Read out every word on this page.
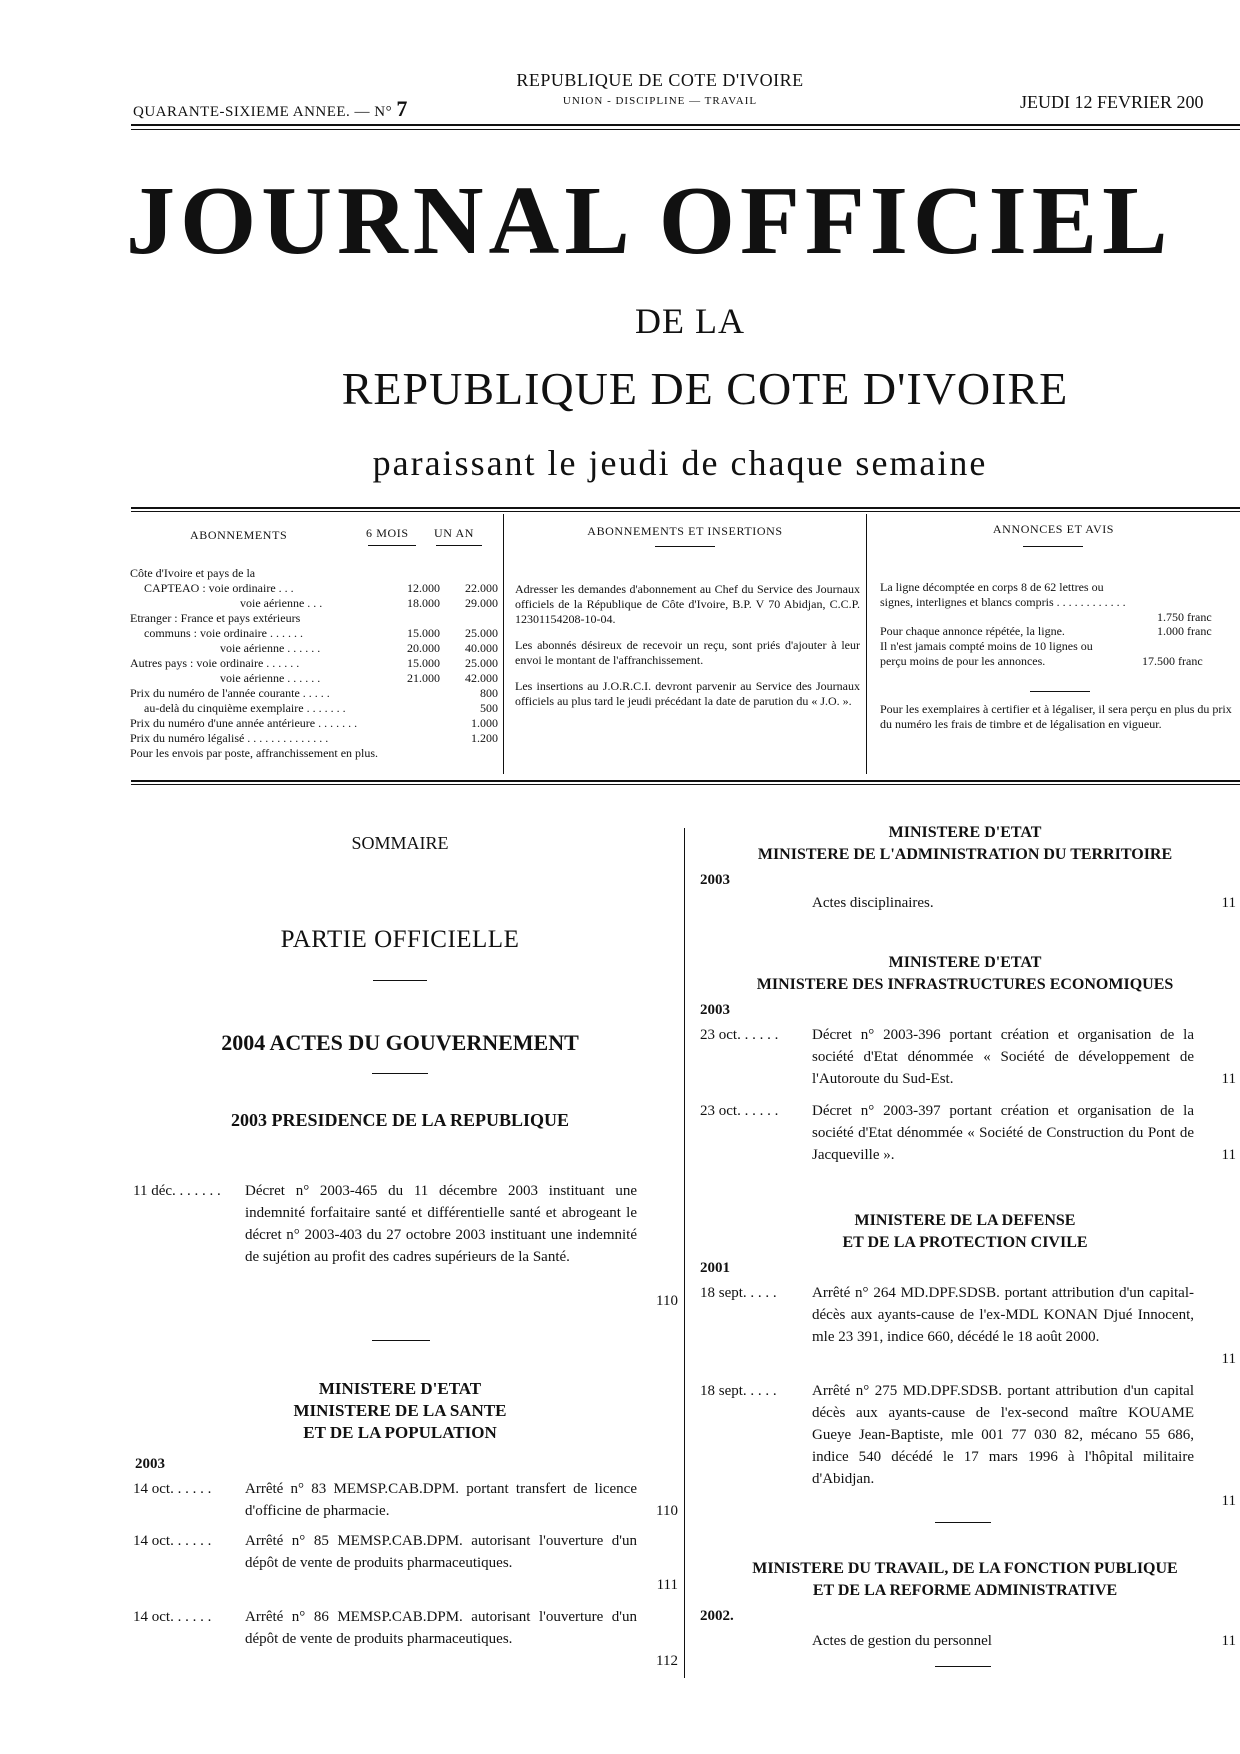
QUARANTE-SIXIEME ANNEE. — N° 7
REPUBLIQUE DE COTE D'IVOIRE
UNION - DISCIPLINE — TRAVAIL	JEUDI 12 FEVRIER 200
JOURNAL OFFICIEL
DE LA
REPUBLIQUE DE COTE D'IVOIRE
paraissant le jeudi de chaque semaine
ABONNEMENTS	6 MOIS UN AN
Côte d'Ivoire et pays de la
CAPTEAO : voie ordinaire . . .	12.000	22.000
voie aérienne . . .	18.000	29.000
Etranger : France et pays extérieurs
communs : voie ordinaire . . . . . .	15.000	25.000
voie aérienne . . . . . .	20.000	40.000
Autres pays : voie ordinaire . . . . . .	15.000	25.000
voie aérienne . . . . . .	21.000	42.000
Prix du numéro de l'année courante . . . . .	800
au-delà du cinquième exemplaire . . . . . . .	500
Prix du numéro d'une année antérieure . . . . . . .	1.000
Prix du numéro légalisé . . . . . . . . . . . . . .	1.200
Pour les envois par poste, affranchissement en plus.
ABONNEMENTS ET INSERTIONS

Adresser les demandes d'abonnement au Chef du Service des Journaux officiels de la République de Côte d'Ivoire, B.P. V 70 Abidjan, C.C.P. 12301154208-10-04.

Les abonnés désireux de recevoir un reçu, sont priés d'ajouter à leur envoi le montant de l'affranchissement.

Les insertions au J.O.R.C.I. devront parvenir au Service des Journaux officiels au plus tard le jeudi précédant la date de parution du « J.O. ».

ANNONCES ET AVIS
La ligne décomptée en corps 8 de 62 lettres ou signes, interlignes et blancs compris . . . . . . . . . . . .
1.750 franc
Pour chaque annonce répétée, la ligne.	1.000 franc
Il n'est jamais compté moins de 10 lignes ou perçu moins de pour les annonces.	17.500 franc
Pour les exemplaires à certifier et à légaliser, il sera perçu en plus du prix du numéro les frais de timbre et de légalisation en vigueur.
SOMMAIRE
PARTIE OFFICIELLE
2004 ACTES DU GOUVERNEMENT
2003 PRESIDENCE DE LA REPUBLIQUE
11 déc. . . . . . . Décret n° 2003-465 du 11 décembre 2003 instituant une indemnité forfaitaire santé et différentielle santé et abrogeant le décret n° 2003-403 du 27 octobre 2003 instituant une indemnité de sujétion au profit des cadres supérieurs de la Santé.
110
MINISTERE D'ETAT
MINISTERE DE LA SANTE
ET DE LA POPULATION
2003
14 oct. . . . . . Arrêté n° 83 MEMSP.CAB.DPM. portant transfert de licence d'officine de pharmacie.	110
14 oct. . . . . . Arrêté n° 85 MEMSP.CAB.DPM. autorisant l'ouverture d'un dépôt de vente de produits pharmaceutiques.
111
14 oct. . . . . . Arrêté n° 86 MEMSP.CAB.DPM. autorisant l'ouverture d'un dépôt de vente de produits pharmaceutiques.
112
MINISTERE D'ETAT
MINISTERE DE L'ADMINISTRATION DU TERRITOIRE
2003
Actes disciplinaires.	11
MINISTERE D'ETAT
MINISTERE DES INFRASTRUCTURES ECONOMIQUES
2003
23 oct. . . . . . Décret n° 2003-396 portant création et organisation de la société d'Etat dénommée « Société de développement de l'Autoroute du Sud-Est.	11
23 oct. . . . . . Décret n° 2003-397 portant création et organisation de la société d'Etat dénommée « Société de Construction du Pont de Jacqueville ».	11
MINISTERE DE LA DEFENSE
ET DE LA PROTECTION CIVILE
2001
18 sept. . . . . Arrêté n° 264 MD.DPF.SDSB. portant attribution d'un capital-décès aux ayants-cause de l'ex-MDL KONAN Djué Innocent, mle 23 391, indice 660, décédé le 18 août 2000.
11
18 sept. . . . . Arrêté n° 275 MD.DPF.SDSB. portant attribution d'un capital décès aux ayants-cause de l'ex-second maître KOUAME Gueye Jean-Baptiste, mle 001 77 030 82, mécano 55 686, indice 540 décédé le 17 mars 1996 à l'hôpital militaire d'Abidjan.
11
MINISTERE DU TRAVAIL, DE LA FONCTION PUBLIQUE
ET DE LA REFORME ADMINISTRATIVE
2002.
Actes de gestion du personnel	11
